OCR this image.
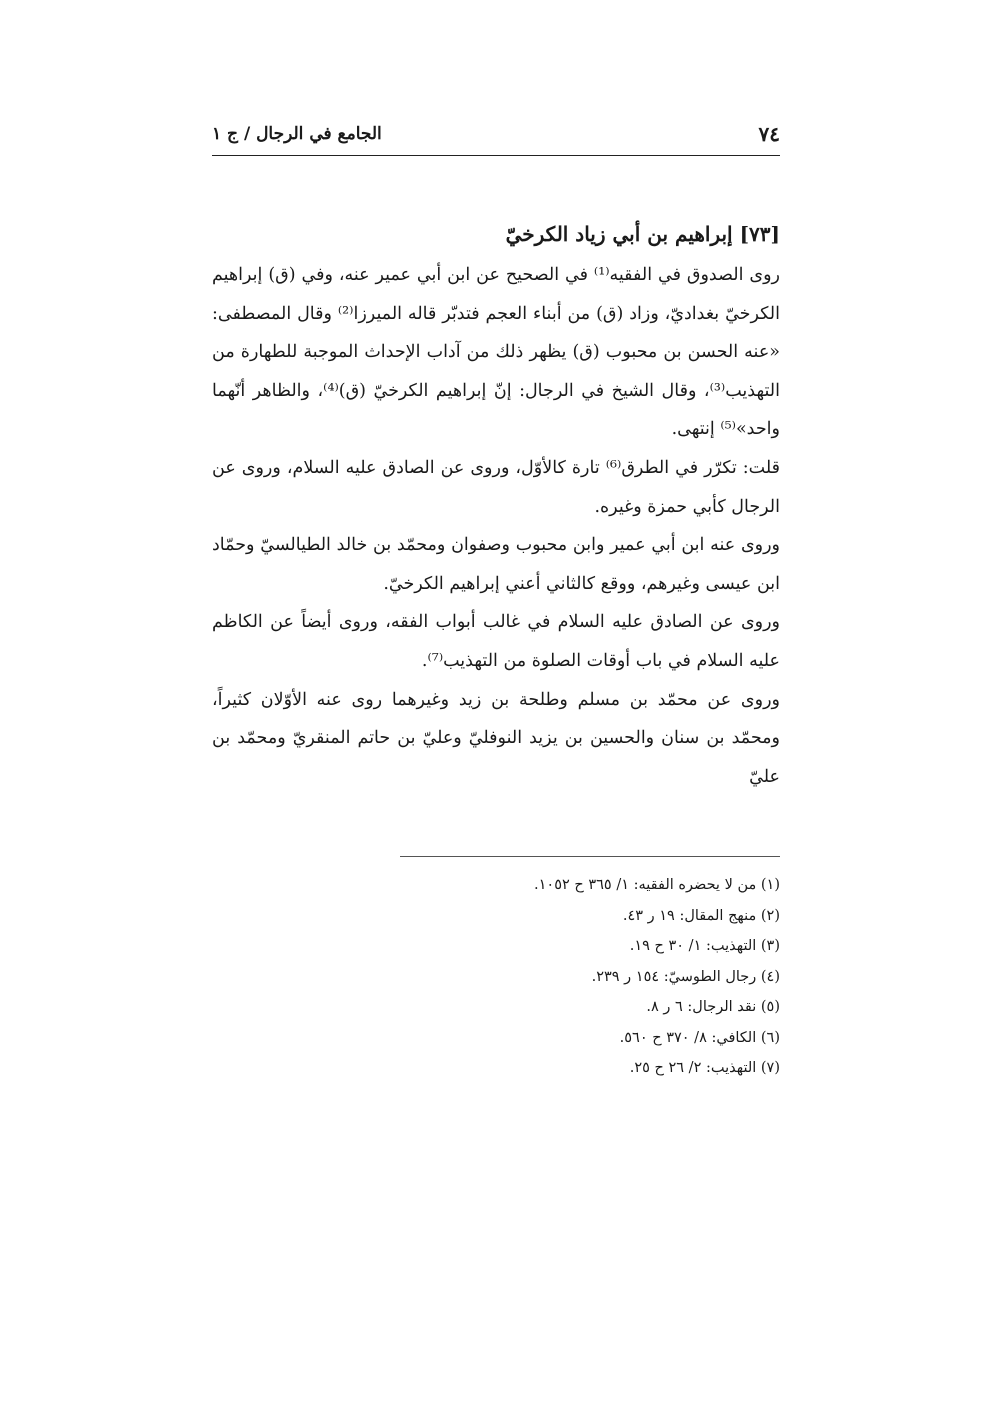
٧٤
الجامع في الرجال / ج ١

[٧٣] إبراهيم بن أبي زياد الكرخيّ

روى الصدوق في الفقيه⁽¹⁾ في الصحيح عن ابن أبي عمير عنه، وفي (ق) إبراهيم الكرخيّ بغداديّ، وزاد (ق) من أبناء العجم فتدبّر قاله الميرزا⁽²⁾ وقال المصطفى: «عنه الحسن بن محبوب (ق) يظهر ذلك من آداب الإحداث الموجبة للطهارة من التهذيب⁽³⁾، وقال الشيخ في الرجال: إنّ إبراهيم الكرخيّ (ق)⁽⁴⁾، والظاهر أنّهما واحد»⁽⁵⁾ إنتهى.

قلت: تكرّر في الطرق⁽⁶⁾ تارة كالأوّل، وروى عن الصادق عليه السلام، وروى عن الرجال كأبي حمزة وغيره.

وروى عنه ابن أبي عمير وابن محبوب وصفوان ومحمّد بن خالد الطيالسيّ وحمّاد ابن عيسى وغيرهم، ووقع كالثاني أعني إبراهيم الكرخيّ.

وروى عن الصادق عليه السلام في غالب أبواب الفقه، وروى أيضاً عن الكاظم عليه السلام في باب أوقات الصلوة من التهذيب⁽⁷⁾.

وروى عن محمّد بن مسلم وطلحة بن زيد وغيرهما روى عنه الأوّلان كثيراً، ومحمّد بن سنان والحسين بن يزيد النوفليّ وعليّ بن حاتم المنقريّ ومحمّد بن عليّ

(١) من لا يحضره الفقيه: ١/ ٣٦٥ ح ١٠٥٢.

(٢) منهج المقال: ١٩ ر ٤٣.

(٣) التهذيب: ١/ ٣٠ ح ١٩.

(٤) رجال الطوسيّ: ١٥٤ ر ٢٣٩.

(٥) نقد الرجال: ٦ ر ٨.

(٦) الكافي: ٨/ ٣٧٠ ح ٥٦٠.

(٧) التهذيب: ٢/ ٢٦ ح ٢٥.
